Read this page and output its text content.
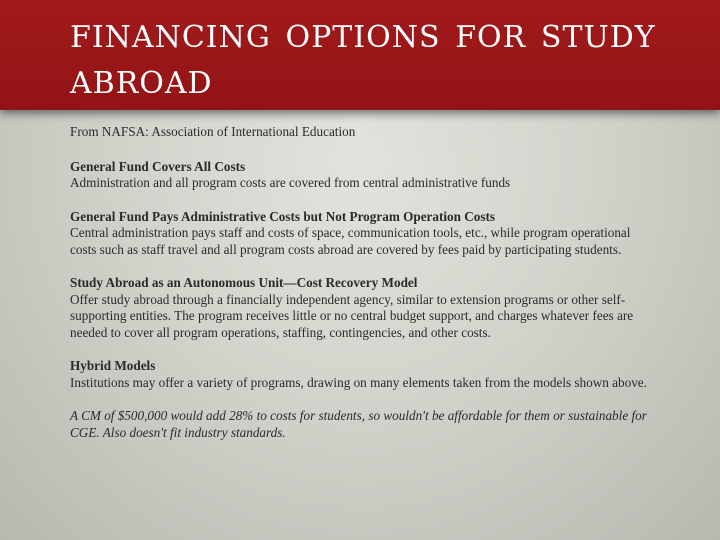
financing options for study abroad

From NAFSA: Association of International Education

General Fund Covers All Costs

Administration and all program costs are covered from central administrative funds

General Fund Pays Administrative Costs but Not Program Operation Costs

Central administration pays staff and costs of space, communication tools, etc., while program operational costs such as staff travel and all program costs abroad are covered by fees paid by participating students.

Study Abroad as an Autonomous Unit—Cost Recovery Model

Offer study abroad through a financially independent agency, similar to extension programs or other self-supporting entities. The program receives little or no central budget support, and charges whatever fees are needed to cover all program operations, staffing, contingencies, and other costs.

Hybrid Models

Institutions may offer a variety of programs, drawing on many elements taken from the models shown above.

A CM of $500,000 would add 28% to costs for students, so wouldn't be affordable for them or sustainable for CGE. Also doesn't fit industry standards.
